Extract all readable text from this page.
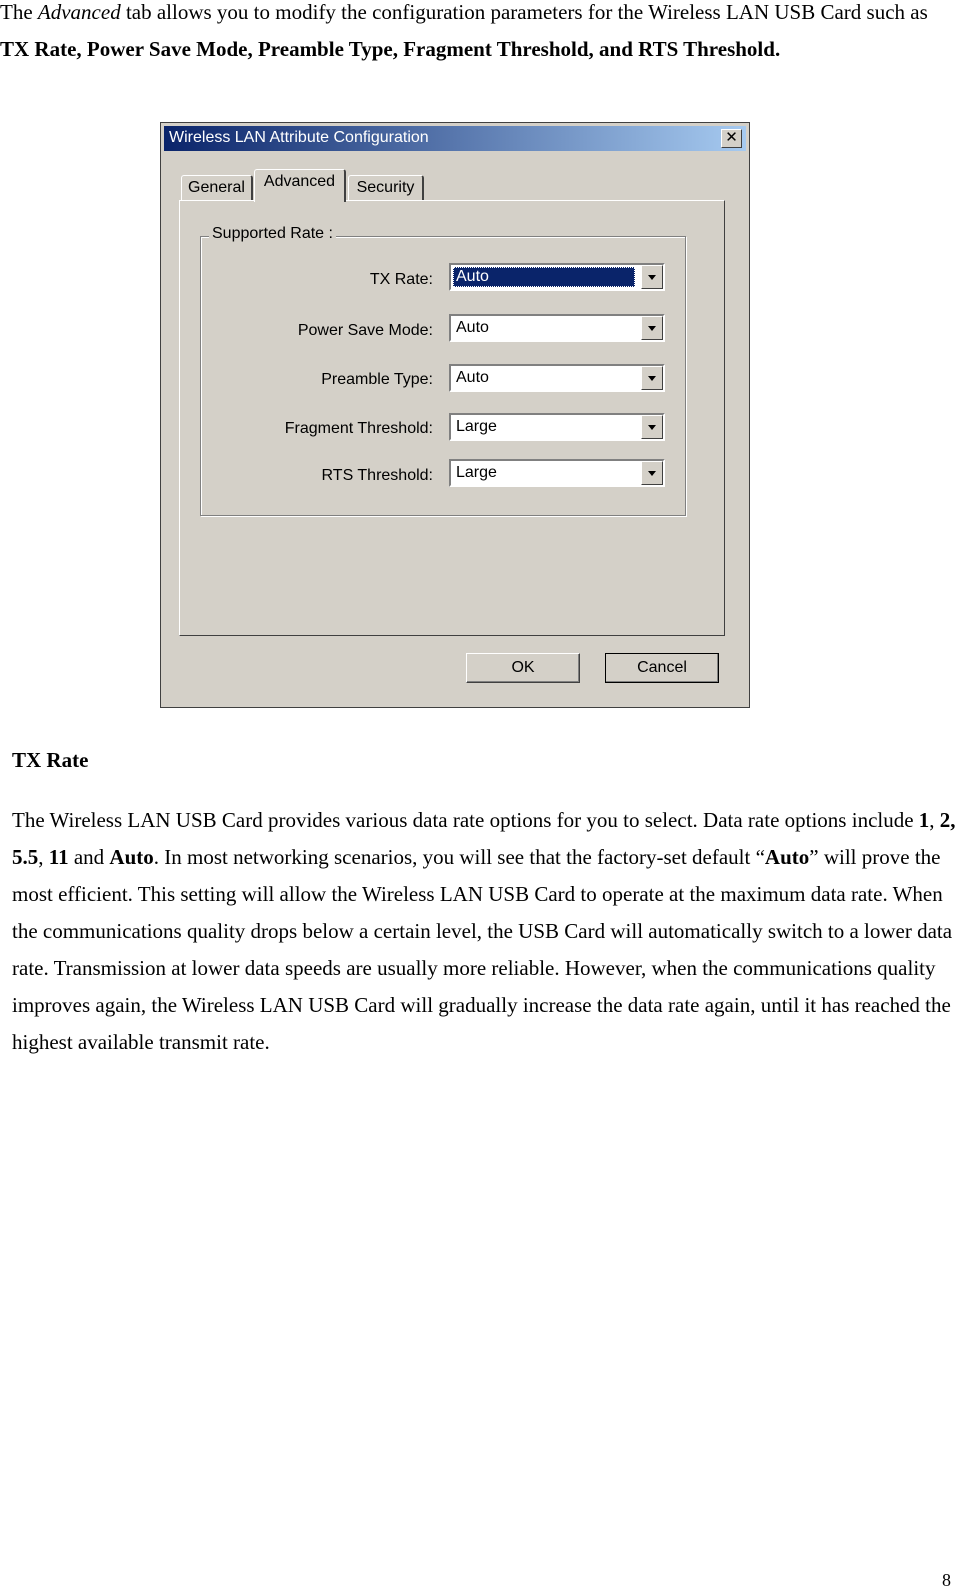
The Advanced tab allows you to modify the configuration parameters for the Wireless LAN USB Card such as TX Rate, Power Save Mode, Preamble Type, Fragment Threshold, and RTS Threshold.

Wireless LAN Attribute Configuration	✕
General	Advanced	Security
Supported Rate :
TX Rate: Auto
Power Save Mode: Auto
Preamble Type: Auto
Fragment Threshold: Large
RTS Threshold: Large
OK	Cancel
TX Rate

The Wireless LAN USB Card provides various data rate options for you to select. Data rate options include 1, 2, 5.5, 11 and Auto. In most networking scenarios, you will see that the factory-set default “Auto” will prove the most efficient. This setting will allow the Wireless LAN USB Card to operate at the maximum data rate. When the communications quality drops below a certain level, the USB Card will automatically switch to a lower data rate. Transmission at lower data speeds are usually more reliable. However, when the communications quality improves again, the Wireless LAN USB Card will gradually increase the data rate again, until it has reached the highest available transmit rate.

8
